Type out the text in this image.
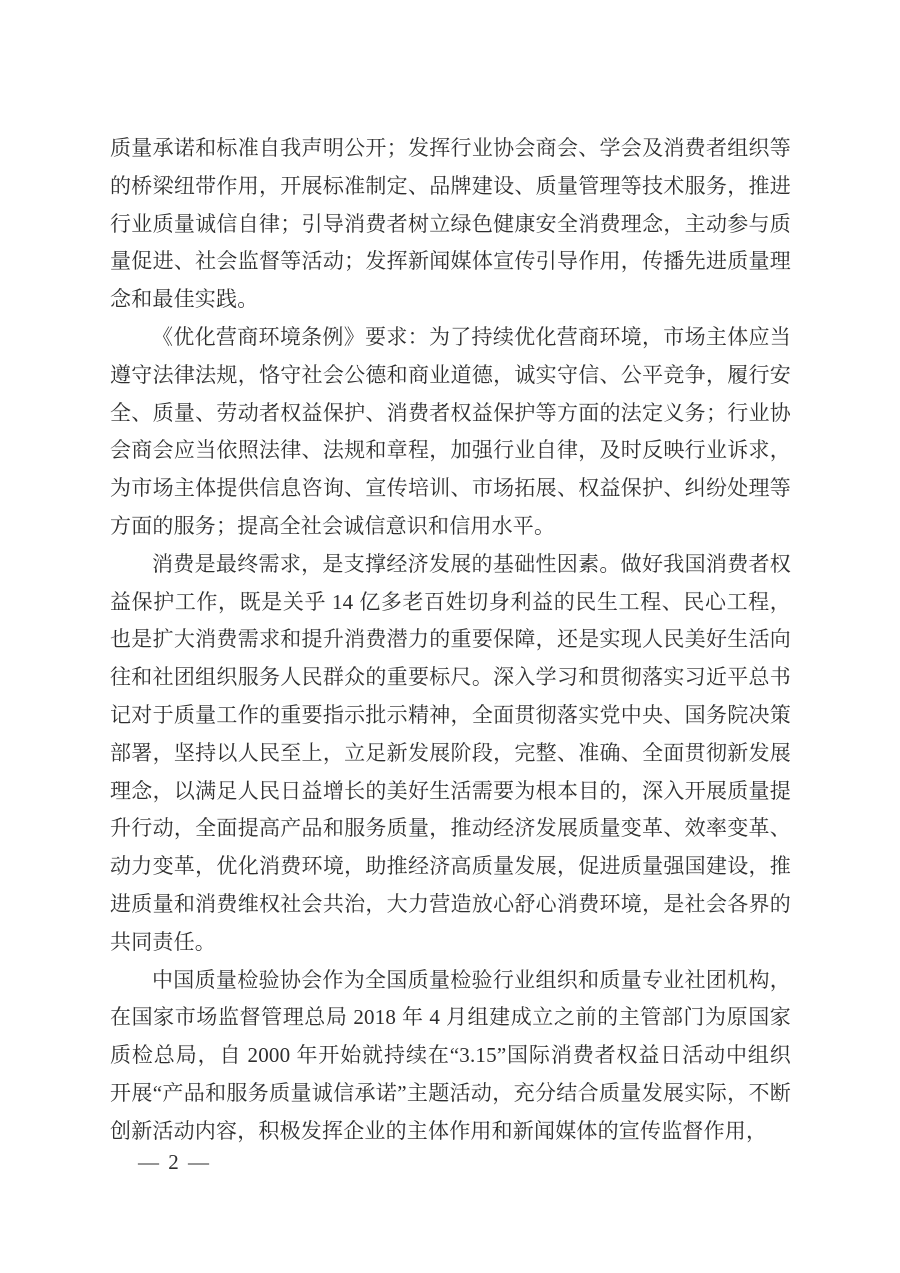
质量承诺和标准自我声明公开；发挥行业协会商会、学会及消费者组织等的桥梁纽带作用，开展标准制定、品牌建设、质量管理等技术服务，推进行业质量诚信自律；引导消费者树立绿色健康安全消费理念，主动参与质量促进、社会监督等活动；发挥新闻媒体宣传引导作用，传播先进质量理念和最佳实践。

《优化营商环境条例》要求：为了持续优化营商环境，市场主体应当遵守法律法规，恪守社会公德和商业道德，诚实守信、公平竞争，履行安全、质量、劳动者权益保护、消费者权益保护等方面的法定义务；行业协会商会应当依照法律、法规和章程，加强行业自律，及时反映行业诉求，为市场主体提供信息咨询、宣传培训、市场拓展、权益保护、纠纷处理等方面的服务；提高全社会诚信意识和信用水平。

消费是最终需求，是支撑经济发展的基础性因素。做好我国消费者权益保护工作，既是关乎 14 亿多老百姓切身利益的民生工程、民心工程，也是扩大消费需求和提升消费潜力的重要保障，还是实现人民美好生活向往和社团组织服务人民群众的重要标尺。深入学习和贯彻落实习近平总书记对于质量工作的重要指示批示精神，全面贯彻落实党中央、国务院决策部署，坚持以人民至上，立足新发展阶段，完整、准确、全面贯彻新发展理念，以满足人民日益增长的美好生活需要为根本目的，深入开展质量提升行动，全面提高产品和服务质量，推动经济发展质量变革、效率变革、动力变革，优化消费环境，助推经济高质量发展，促进质量强国建设，推进质量和消费维权社会共治，大力营造放心舒心消费环境，是社会各界的共同责任。

中国质量检验协会作为全国质量检验行业组织和质量专业社团机构，在国家市场监督管理总局 2018 年 4 月组建成立之前的主管部门为原国家质检总局，自 2000 年开始就持续在“3.15”国际消费者权益日活动中组织开展“产品和服务质量诚信承诺”主题活动，充分结合质量发展实际，不断创新活动内容，积极发挥企业的主体作用和新闻媒体的宣传监督作用，

— 2 —
